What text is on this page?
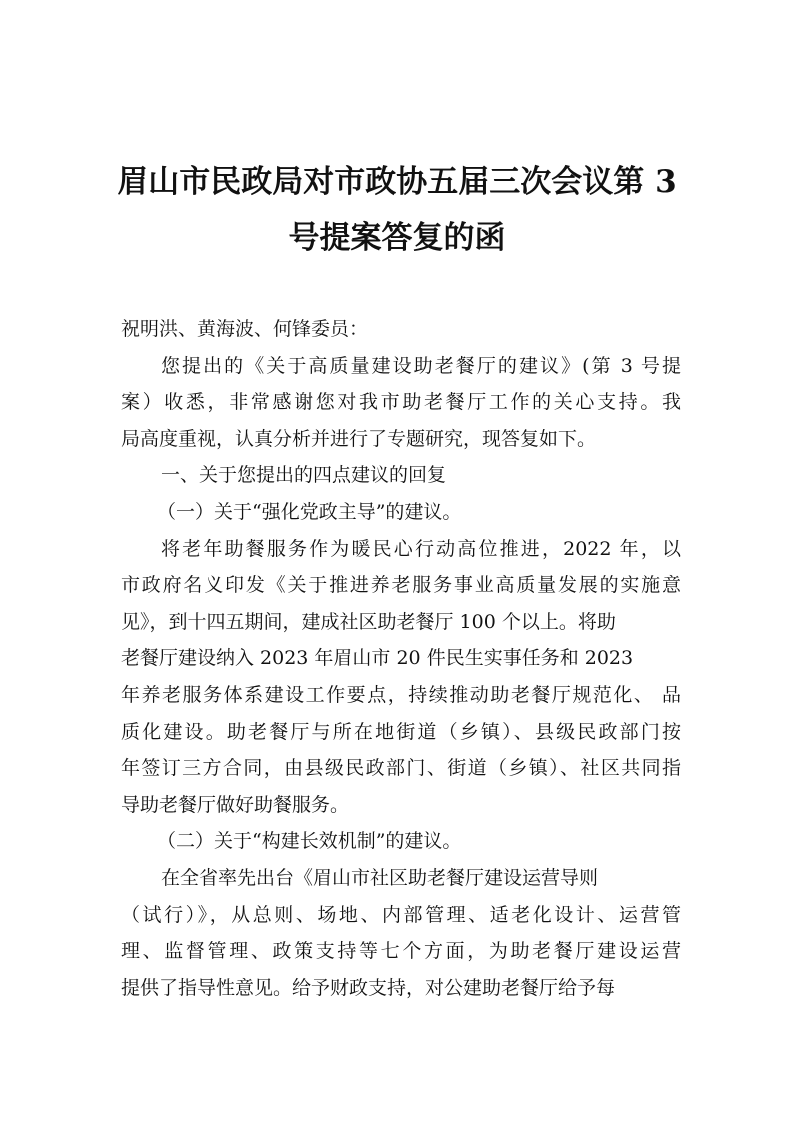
眉山市民政局对市政协五届三次会议第 3
号提案答复的函
祝明洪、黄海波、何锋委员：
您提出的《关于高质量建设助老餐厅的建议》(第 3 号提
案）收悉，非常感谢您对我市助老餐厅工作的关心支持。我
局高度重视，认真分析并进行了专题研究，现答复如下。
一、关于您提出的四点建议的回复
（一）关于“强化党政主导”的建议。
将老年助餐服务作为暖民心行动高位推进，2022 年，以
市政府名义印发《关于推进养老服务事业高质量发展的实施意
见》，到十四五期间，建成社区助老餐厅 100 个以上。将助
老餐厅建设纳入 2023 年眉山市 20 件民生实事任务和 2023
年养老服务体系建设工作要点，持续推动助老餐厅规范化、 品
质化建设。助老餐厅与所在地街道（乡镇）、县级民政部门按
年签订三方合同，由县级民政部门、街道（乡镇）、社区共同指
导助老餐厅做好助餐服务。
（二）关于“构建长效机制”的建议。
在全省率先出台《眉山市社区助老餐厅建设运营导则
（试行）》，从总则、场地、内部管理、适老化设计、运营管
理、监督管理、政策支持等七个方面，为助老餐厅建设运营
提供了指导性意见。给予财政支持，对公建助老餐厅给予每
